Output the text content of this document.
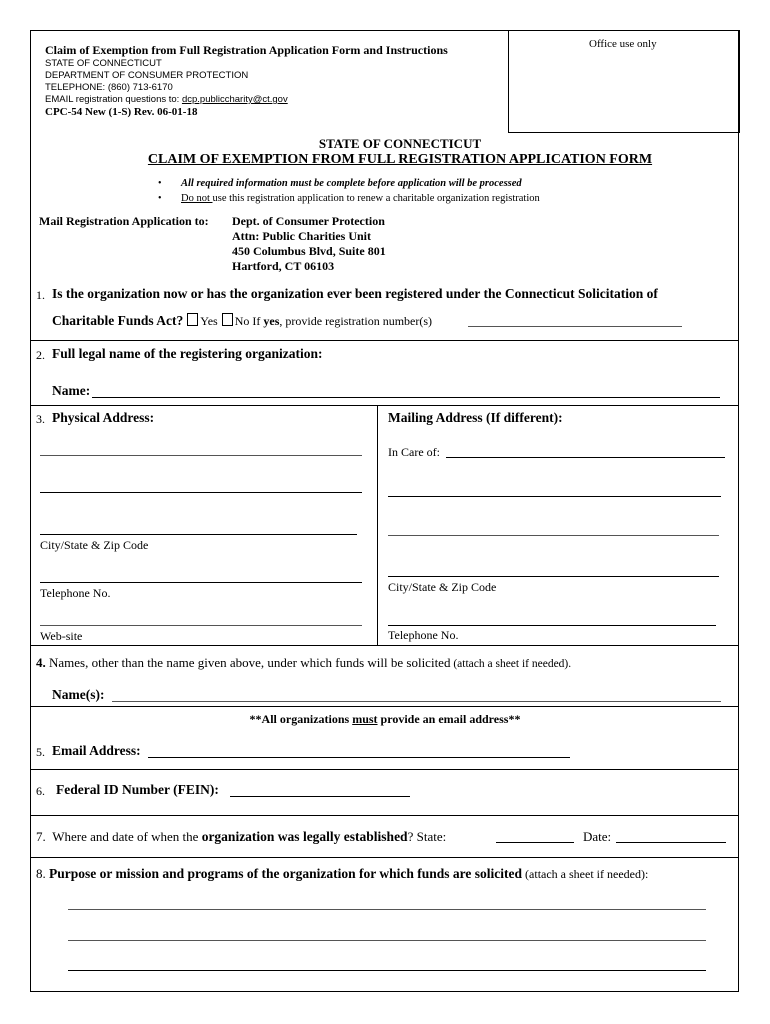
Office use only
Claim of Exemption from Full Registration Application Form and Instructions
STATE OF CONNECTICUT
DEPARTMENT OF CONSUMER PROTECTION
TELEPHONE: (860) 713-6170
EMAIL registration questions to: dcp.publiccharity@ct.gov
CPC-54 New (1-S) Rev. 06-01-18
STATE OF CONNECTICUT
CLAIM OF EXEMPTION FROM FULL REGISTRATION APPLICATION FORM
• All required information must be complete before application will be processed
• Do not use this registration application to renew a charitable organization registration
Mail Registration Application to: Dept. of Consumer Protection
Attn: Public Charities Unit
450 Columbus Blvd, Suite 801
Hartford, CT 06103
1. Is the organization now or has the organization ever been registered under the Connecticut Solicitation of
Charitable Funds Act? Yes No If yes, provide registration number(s)
2. Full legal name of the registering organization:
Name:
3. Physical Address:
City/State & Zip Code
Telephone No.
Web-site
Mailing Address (If different):
In Care of:
City/State & Zip Code
Telephone No.
4. Names, other than the name given above, under which funds will be solicited (attach a sheet if needed).
Name(s):
**All organizations must provide an email address**
5. Email Address:
6. Federal ID Number (FEIN):
7. Where and date of when the organization was legally established? State:	Date:
8. Purpose or mission and programs of the organization for which funds are solicited (attach a sheet if needed):
